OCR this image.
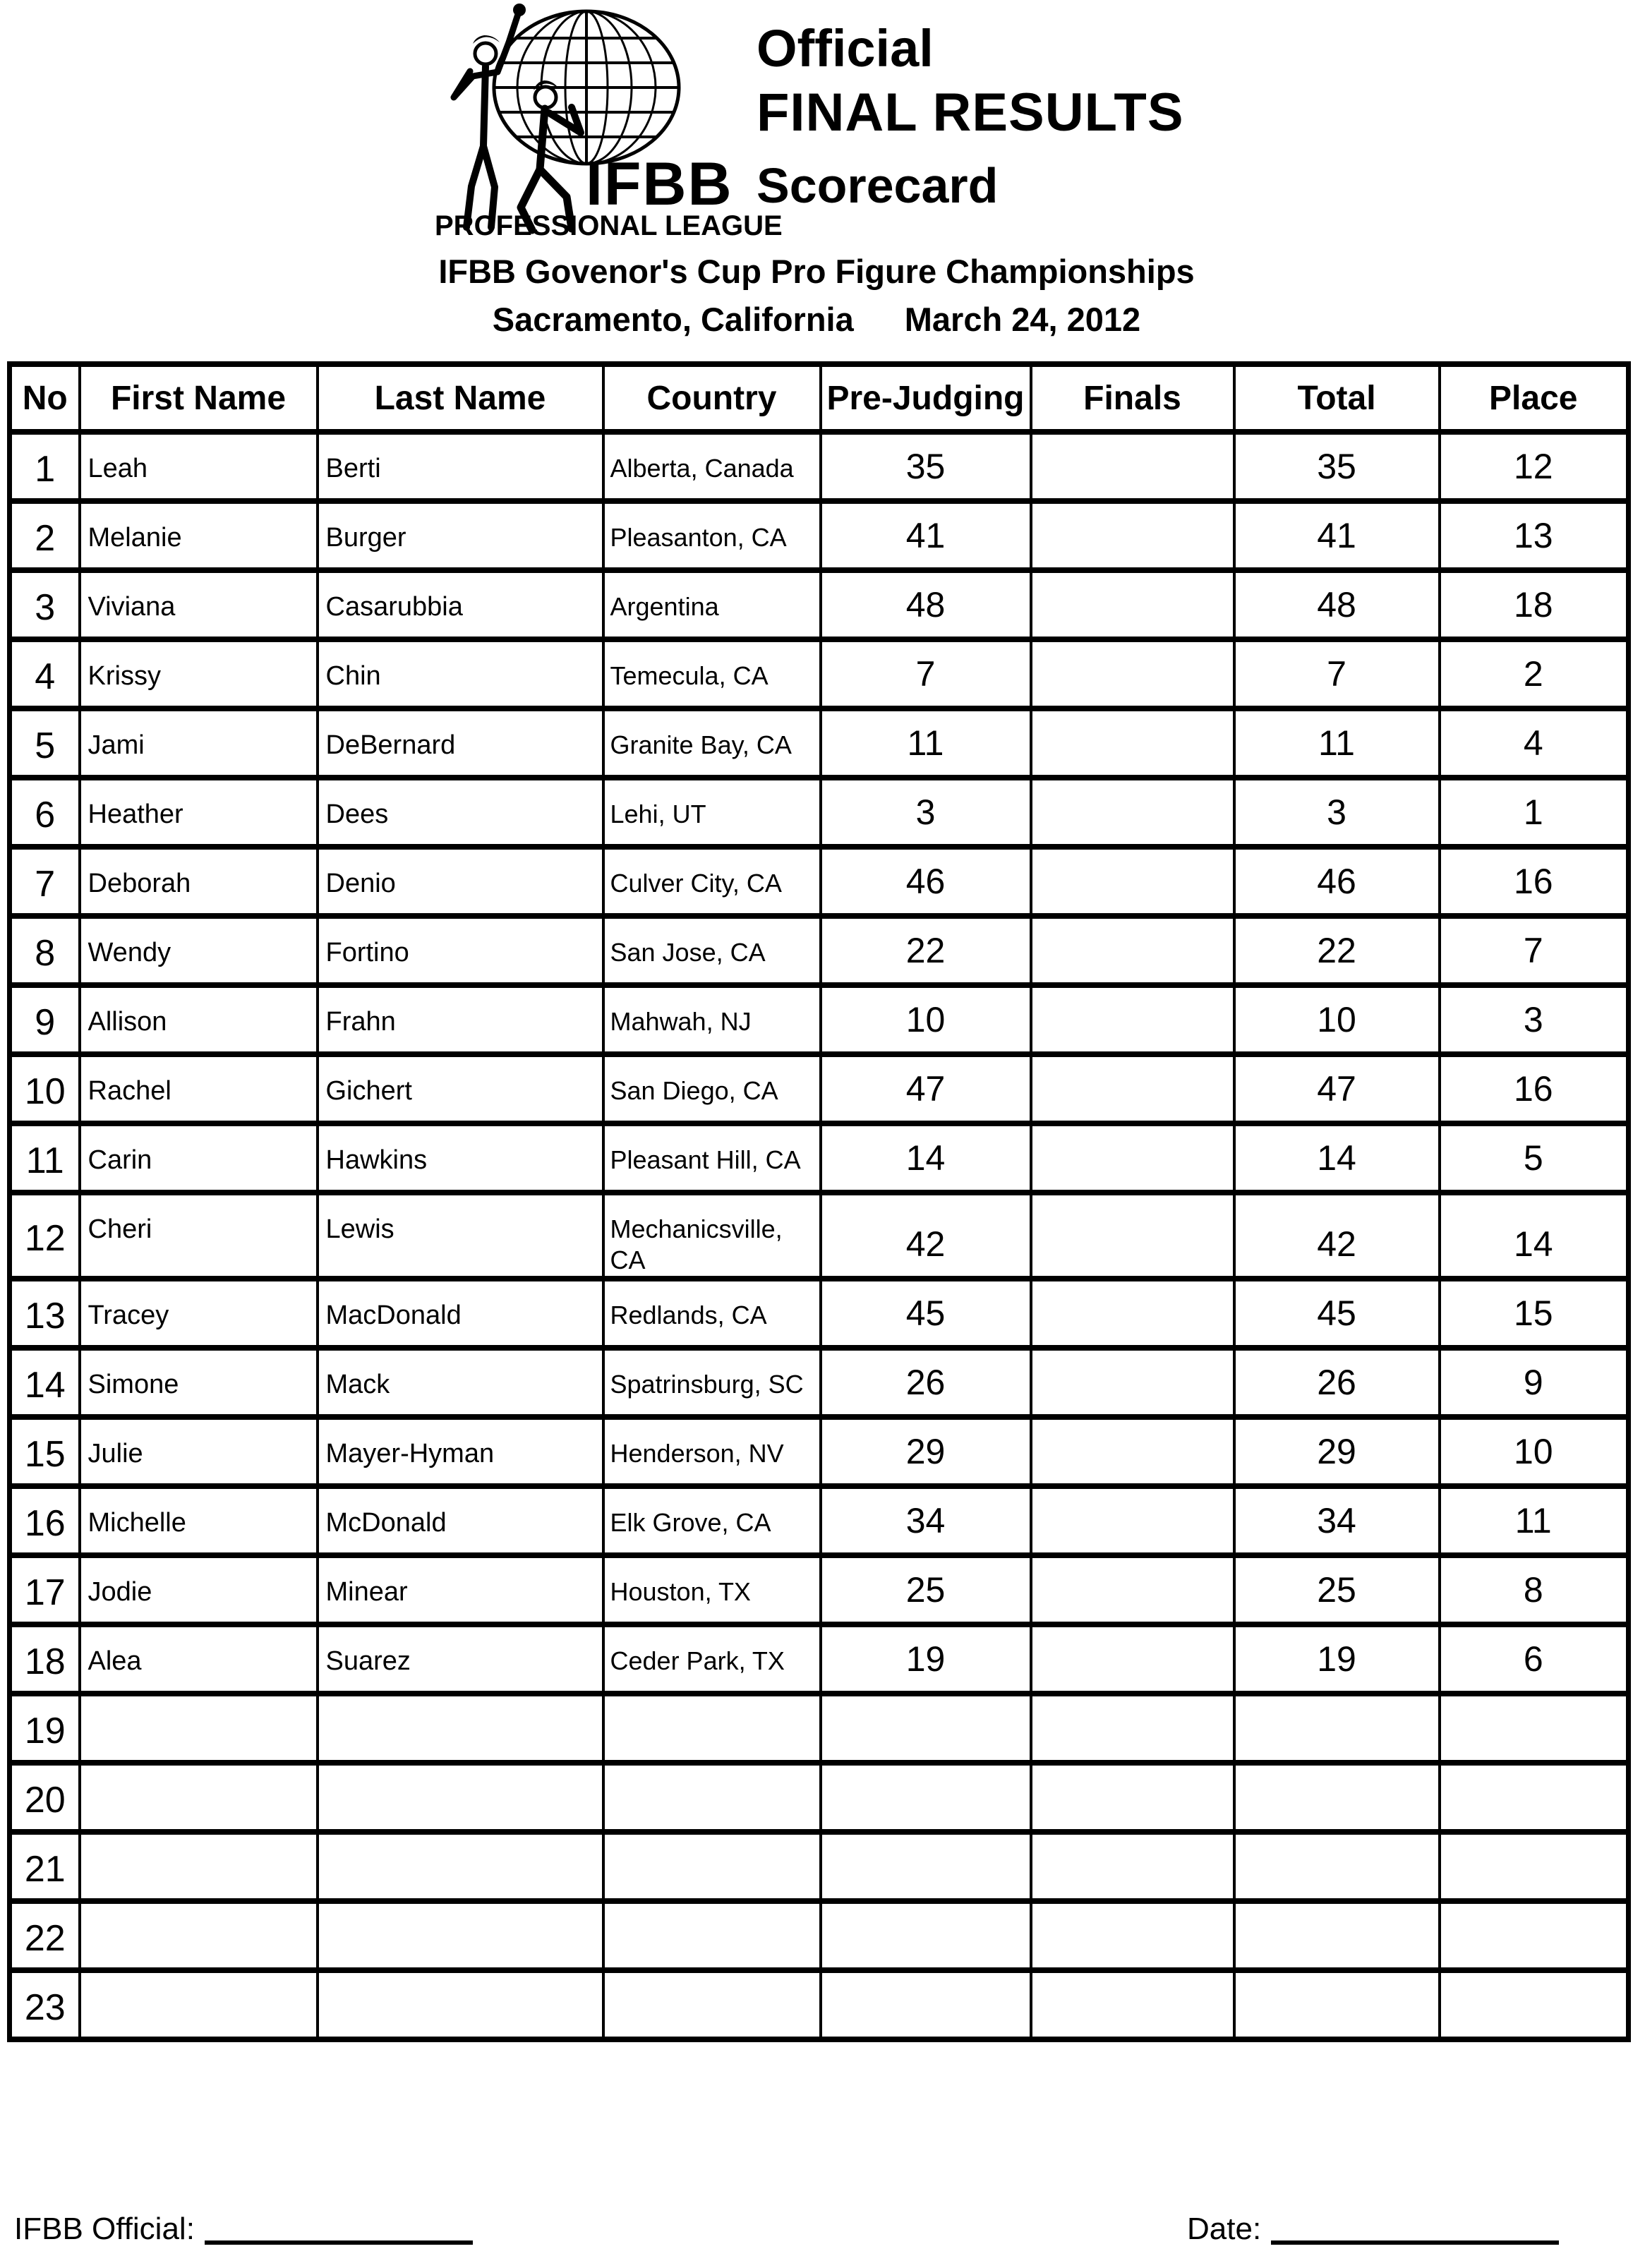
IFBB
PROFESSIONAL LEAGUE
Official
FINAL RESULTS
Scorecard
IFBB Govenor's Cup Pro Figure Championships
Sacramento, California March 24, 2012
No	First Name	Last Name	Country	Pre-Judging	Finals	Total	Place
1	Leah	Berti	Alberta, Canada	35		35	12
2	Melanie	Burger	Pleasanton, CA	41		41	13
3	Viviana	Casarubbia	Argentina	48		48	18
4	Krissy	Chin	Temecula, CA	7		7	2
5	Jami	DeBernard	Granite Bay, CA	11		11	4
6	Heather	Dees	Lehi, UT	3		3	1
7	Deborah	Denio	Culver City, CA	46		46	16
8	Wendy	Fortino	San Jose, CA	22		22	7
9	Allison	Frahn	Mahwah, NJ	10		10	3
10	Rachel	Gichert	San Diego, CA	47		47	16
11	Carin	Hawkins	Pleasant Hill, CA	14		14	5
12	Cheri	Lewis	Mechanicsville, CA	42		42	14
13	Tracey	MacDonald	Redlands, CA	45		45	15
14	Simone	Mack	Spatrinsburg, SC	26		26	9
15	Julie	Mayer-Hyman	Henderson, NV	29		29	10
16	Michelle	McDonald	Elk Grove, CA	34		34	11
17	Jodie	Minear	Houston, TX	25		25	8
18	Alea	Suarez	Ceder Park, TX	19		19	6
19							
20							
21							
22							
23							
IFBB Official:	Date:
